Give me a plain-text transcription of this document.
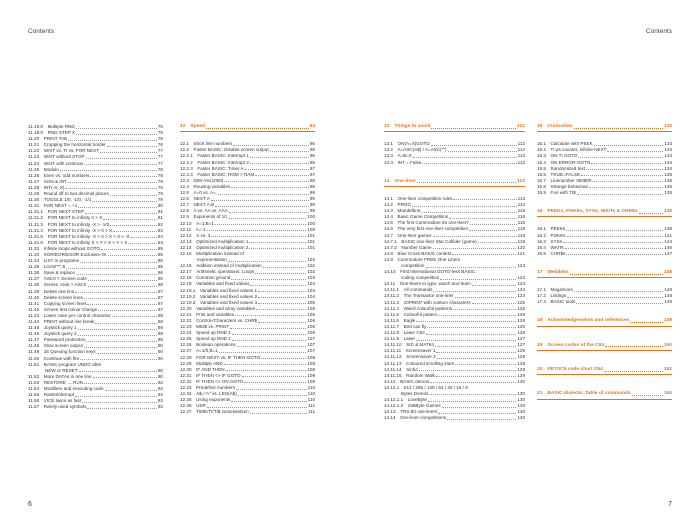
Contents	Contents
11.19.8  Multiple RND	75
11.19.9  RND STEP X	75
11.20  PRINT TAB	76
11.21  Cropping the horizontal border	76
11.22  WAIT vs. TI vs. FOR NEXT	77
11.23  WAIT without STOP	77
11.24  WAIT with continue	77
11.25  Modulo	78
11.26  Even vs. odd numbers	78
11.27  SGN & INT	79
11.28  INT(-X, X)	79
11.29  Round off to two decimal places	79
11.30  TOGGLE 1/0, -1/0, -1/1	79
11.31  FOR NEXT = +1	80
11.31.1  FOR NEXT STEP	81
11.31.2  FOR NEXT to infinity 0 > X	81
11.31.3  FOR NEXT to infinity -X > -1/0	82
11.31.4  FOR NEXT to infinity -X > 0 > X	83
11.31.5  FOR NEXT to infinity -X > 0 > X < 0 < -X	84
11.31.6  FOR NEXT to infinity X > Y > X > Y > X	84
11.32  Infinite loops without GOTO	85
11.33  XOR/EOR/EXOR Exclusive-Or	85
11.34  LIST in programs	85
11.35  LOAD"*",8	85
11.36  Save & replace	86
11.37  ASCII > Screen code	86
11.38  Screen code > ASCII	86
11.39  Delete one line	87
11.40  Delete screen lines	87
11.41  Copying screen lines	87
11.42  Screen text colour change	87
11.43  Lower case per control character	88
11.44  PRINT without line break	88
11.45  Joystick query 1	89
11.46  Joystick query 2	89
11.47  Password protection	89
11.48  Slow screen output	90
11.49  16 Queuing function keys	90
11.50  Continue with fire	90
11.51  BASIC-program UNDO after
NEW or RESET	90
11.52  More DATAs in one line	90
11.53  RESTORE → RUN	92
11.54  Modifiers and executing code	92
11.55  Rasterinterrupt	92
11.56  VICE twice as fast	93
11.57  Rarely used symbols	93
12  Speed	94
12.1  Short line numbers	96
12.2  Faster BASIC: Disable screen output	96
12.2.1  Faster BASIC: Interrupt 1	96
12.2.2  Faster BASIC: Interrupt 2	96
12.2.3  Faster BASIC: Timer A	97
12.2.4  Faster BASIC: ROM > RAM	97
12.3  DIM A%(1000)	98
12.4  Reusing variables	98
12.5  A=0 vs. A=.	99
12.6  NEXT A	99
12.7  NEXT A,B	99
12.8  A vs. AA vs. AAA	99
12.9  Exponents of 10	100
12.10  A=1:B=1	100
12.11  A=-1	100
12.12  π vs. 3	101
12.13  Optimized multiplication 1	101
12.14  Optimized multiplication 2	101
12.15  Multiplication instead of
exponentiation	102
12.16  Addition instead of multiplication	102
12.17  Arithmetic operations: Loops	102
12.18  Common ground	103
12.19  Variables and fixed values	103
12.19.1  Variables and fixed values 1	104
12.19.2  Variables and fixed values 2	104
12.19.3  Variables and fixed values 3	105
12.20  Variables and array variables	105
12.21  Print and variables	105
12.22  Control-/Characters vs. CHR$	106
12.23  MID$ vs. PRINT	106
12.24  Speed up RND 1	106
12.25  Speed up RND 2	107
12.26  Boolean operations	107
12.27  A=1/0,B=1	107
12.28  FOR NEXT vs. IF THEN GOTO	108
12.29  Multiple AND	108
12.30  IF AND THEN	108
12.31  IF THEN <> IF GOTO	109
12.32  IF THEN <> ON GOTO	109
12.33  Predefine numbers	110
12.34  A$="A" vs. LEN(A$)	110
12.35  Using exponents	110
12.36  USR	111
12.37  TIME/TI/TI$ zurücksetzen	111
13  Things to avoid	112
13.1  ON(A=X)GOTO	112
13.2  A=ASC(A$) / A=ASC("")	112
13.3  A=B=0	112
13.4  INT = False	112
14  One-liner	113
14.1  One-liner competition rules	113
14.2  PROG	114
14.3  Mandelbrot	115
14.4  Basic Game Competition	116
14.5  The first Commodore 64 one-liner?	116
14.6  The very first one-liner competition	119
14.7  One-liner games	119
14.7.1  BASIC one-liner Star Collider (game)	119
14.7.2  Number Game	120
14.8  Blue Cross BASIC contest	121
14.9  Commodore FREE One Liners
competition	123
14.10  First International GOTO-less BASIC
coding competition	123
14.11  One-liners to type, watch and learn	124
14.11.1  All commands	124
14.11.2  The Transactor one-liner	124
14.11.3  10PRINT with custom characters	125
14.11.4  Weird colourful patterns	125
14.11.5  Colourful pattern	126
14.11.6  Eagle	126
14.11.7  Bird can fly	126
14.11.8  Laser C64	126
14.11.9  Laser	127
14.11.10  SID & MAT64	127
14.11.11  Screensaver 1	128
14.11.12  Screensaver 2	128
14.11.13  Coloured scrolling stars	128
14.11.14  Sinful	129
14.11.15  Random Walk	129
14.12  BASIC demos	130
14.12.1  512 / 256 / 128 / 64 / 32 / 16 / 8
Bytes Demos	130
14.12.1.1  LoveByte	130
14.12.1.2  256Byte Games	130
14.13  TRS-80 one-liners	130
14.14  One-liner competitions	130
15  Curiosities	133
15.1  Calculate with PEEK	133
15.2  TI as counter, infinite NEXT	134
15.3  ON TI GOTO	134
15.4  ON ERROR-GOTO	134
15.5  Randomized text	134
15.6  TRUE=FALSE	135
15.7  Linenumber 350800	135
15.8  Strange behaviour	135
15.9  Fun with TI$	135
16  PEEKs, POKEs, SYSs, WAITs & CHR$s	136
16.1  PEEKs	138
16.2  POKEs	141
16.3  SYSs	144
16.4  WAITs	146
16.5  CHR$s	147
17  Weblinks	148
17.1  Magazines	148
17.2  Listings	148
17.3  BASIC tools	148
18  Acknowledgements and references	149
19  Screen codes of the C64	150
20  PETSCII code chart C64	152
21  BASIC dialects: Table of commands	154
6	7
